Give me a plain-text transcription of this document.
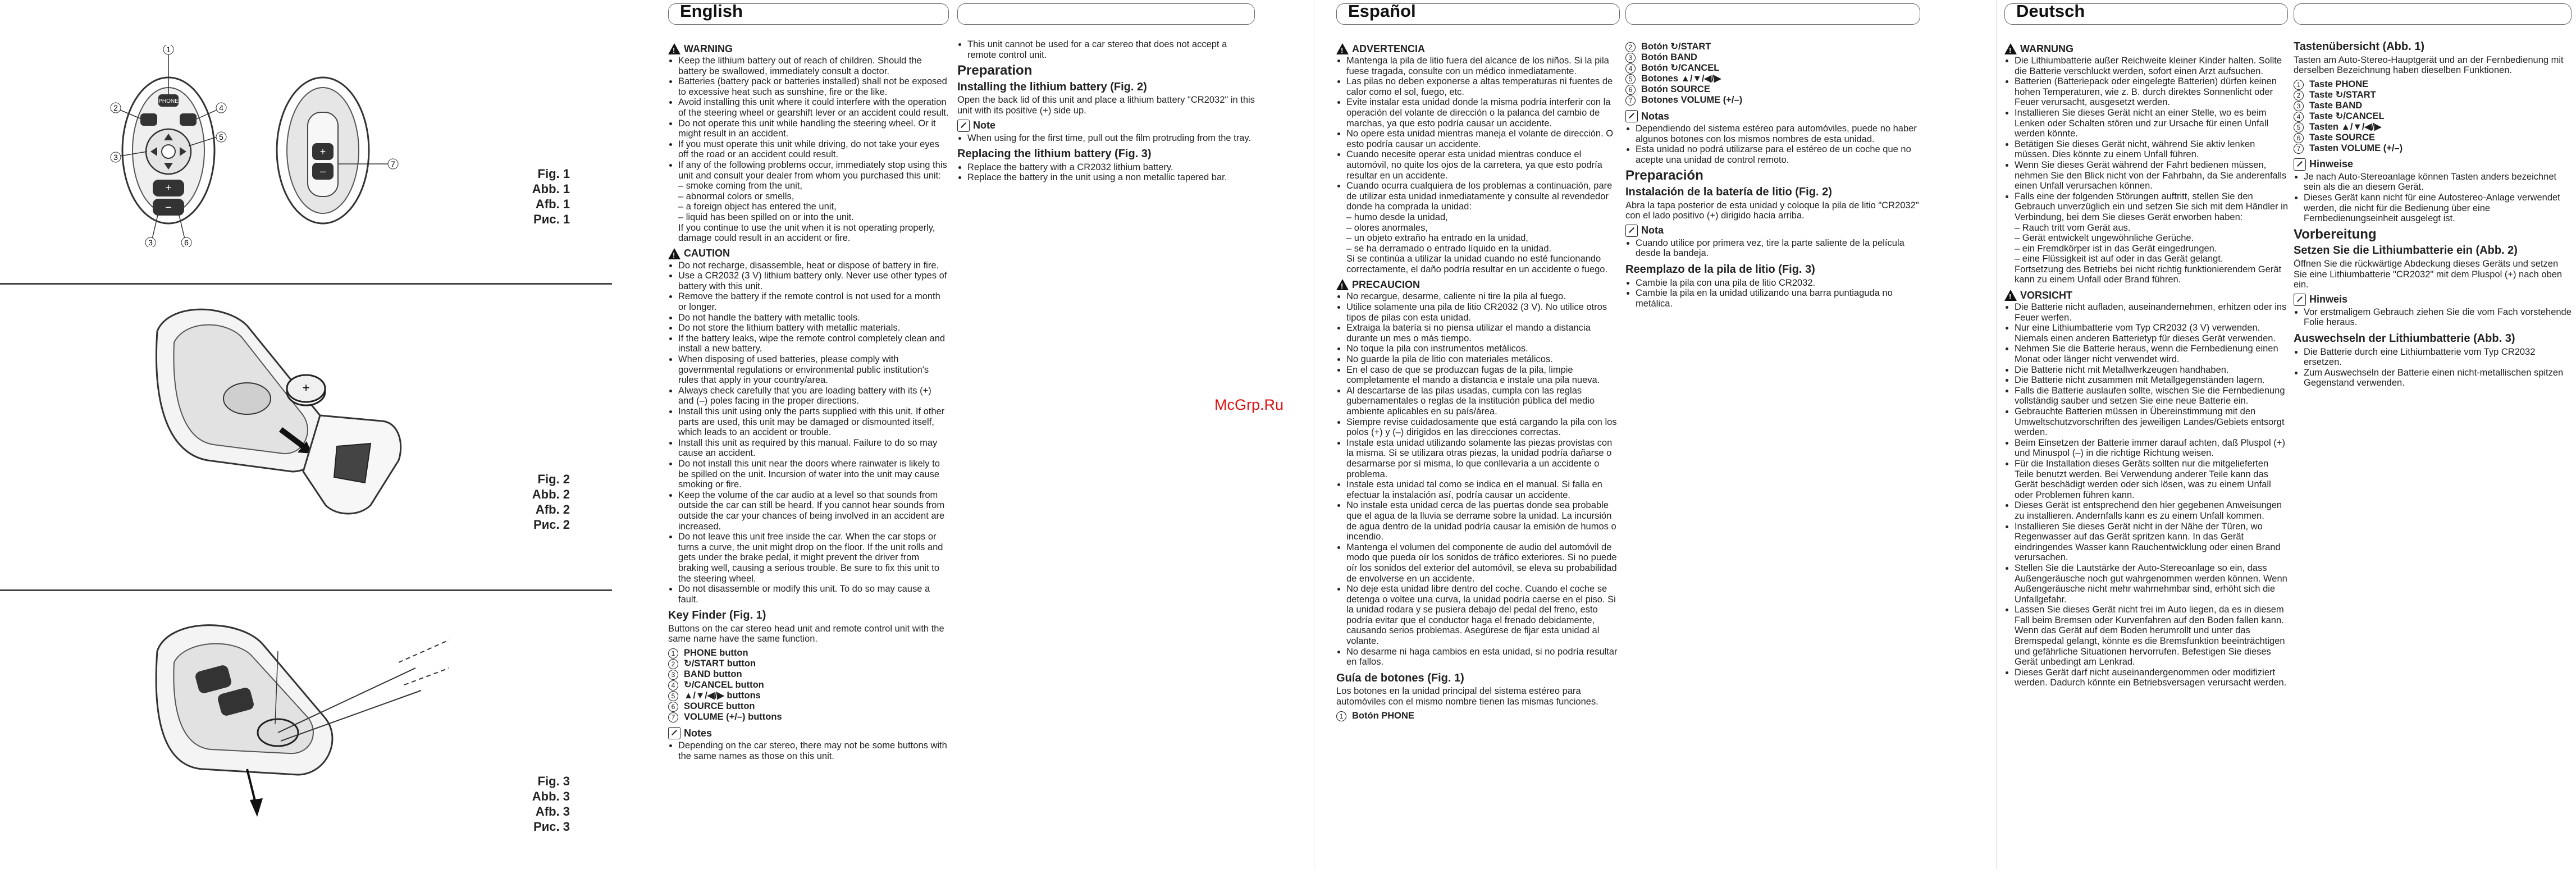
PHONE
+
–
1
2
3
4
5
3	6
+
–
7
Fig. 1
Abb. 1
Afb. 1
Рис. 1
+
Fig. 2
Abb. 2
Afb. 2
Рис. 2
Fig. 3
Abb. 3
Afb. 3
Рис. 3
English
!
WARNING
• Keep the lithium battery out of reach of children. Should the battery be swallowed, immediately consult a doctor.
• Batteries (battery pack or batteries installed) shall not be exposed to excessive heat such as sunshine, fire or the like.
• Avoid installing this unit where it could interfere with the operation of the steering wheel or gearshift lever or an accident could result.
• Do not operate this unit while handling the steering wheel. Or it might result in an accident.
• If you must operate this unit while driving, do not take your eyes off the road or an accident could result.
• If any of the following problems occur, immediately stop using this unit and consult your dealer from whom you purchased this unit:
– smoke coming from the unit,
– abnormal colors or smells,
– a foreign object has entered the unit,
– liquid has been spilled on or into the unit.
If you continue to use the unit when it is not operating properly, damage could result in an accident or fire.
!
CAUTION
• Do not recharge, disassemble, heat or dispose of battery in fire.
• Use a CR2032 (3 V) lithium battery only. Never use other types of battery with this unit.
• Remove the battery if the remote control is not used for a month or longer.
• Do not handle the battery with metallic tools.
• Do not store the lithium battery with metallic materials.
• If the battery leaks, wipe the remote control completely clean and install a new battery.
• When disposing of used batteries, please comply with governmental regulations or environmental public institution's rules that apply in your country/area.
• Always check carefully that you are loading battery with its (+) and (–) poles facing in the proper directions.
• Install this unit using only the parts supplied with this unit. If other parts are used, this unit may be damaged or dismounted itself, which leads to an accident or trouble.
• Install this unit as required by this manual. Failure to do so may cause an accident.
• Do not install this unit near the doors where rainwater is likely to be spilled on the unit. Incursion of water into the unit may cause smoking or fire.
• Keep the volume of the car audio at a level so that sounds from outside the car can still be heard. If you cannot hear sounds from outside the car your chances of being involved in an accident are increased.
• Do not leave this unit free inside the car. When the car stops or turns a curve, the unit might drop on the floor. If the unit rolls and gets under the brake pedal, it might prevent the driver from braking well, causing a serious trouble. Be sure to fix this unit to the steering wheel.
• Do not disassemble or modify this unit. To do so may cause a fault.
Key Finder (Fig. 1)
Buttons on the car stereo head unit and remote control unit with the same name have the same function.
1 PHONE button
2 ↻/START button
3 BAND button
4 ↻/CANCEL button
5 ▲/▼/◀/▶ buttons
6 SOURCE button
7 VOLUME (+/–) buttons
Notes
• Depending on the car stereo, there may not be some buttons with the same names as those on this unit.
• This unit cannot be used for a car stereo that does not accept a remote control unit.
Preparation
Installing the lithium battery (Fig. 2)
Open the back lid of this unit and place a lithium battery "CR2032" in this unit with its positive (+) side up.
Note
• When using for the first time, pull out the film protruding from the tray.
Replacing the lithium battery (Fig. 3)
• Replace the battery with a CR2032 lithium battery.
• Replace the battery in the unit using a non metallic tapered bar.
Español
!
ADVERTENCIA
• Mantenga la pila de litio fuera del alcance de los niños. Si la pila fuese tragada, consulte con un médico inmediatamente.
• Las pilas no deben exponerse a altas temperaturas ni fuentes de calor como el sol, fuego, etc.
• Evite instalar esta unidad donde la misma podría interferir con la operación del volante de dirección o la palanca del cambio de marchas, ya que esto podría causar un accidente.
• No opere esta unidad mientras maneja el volante de dirección. O esto podría causar un accidente.
• Cuando necesite operar esta unidad mientras conduce el automóvil, no quite los ojos de la carretera, ya que esto podría resultar en un accidente.
• Cuando ocurra cualquiera de los problemas a continuación, pare de utilizar esta unidad inmediatamente y consulte al revendedor donde ha comprada la unidad:
– humo desde la unidad,
– olores anormales,
– un objeto extraño ha entrado en la unidad,
– se ha derramado o entrado líquido en la unidad.
Si se continúa a utilizar la unidad cuando no esté funcionando correctamente, el daño podría resultar en un accidente o fuego.
!
PRECAUCION
• No recargue, desarme, caliente ni tire la pila al fuego.
• Utilice solamente una pila de litio CR2032 (3 V). No utilice otros tipos de pilas con esta unidad.
• Extraiga la batería si no piensa utilizar el mando a distancia durante un mes o más tiempo.
• No toque la pila con instrumentos metálicos.
• No guarde la pila de litio con materiales metálicos.
• En el caso de que se produzcan fugas de la pila, limpie completamente el mando a distancia e instale una pila nueva.
• Al descartarse de las pilas usadas, cumpla con las reglas gubernamentales o reglas de la institución pública del medio ambiente aplicables en su país/área.
• Siempre revise cuidadosamente que está cargando la pila con los polos (+) y (–) dirigidos en las direcciones correctas.
• Instale esta unidad utilizando solamente las piezas provistas con la misma. Si se utilizara otras piezas, la unidad podría dañarse o desarmarse por sí misma, lo que conllevaría a un accidente o problema.
• Instale esta unidad tal como se indica en el manual. Si falla en efectuar la instalación así, podría causar un accidente.
• No instale esta unidad cerca de las puertas donde sea probable que el agua de la lluvia se derrame sobre la unidad. La incursión de agua dentro de la unidad podría causar la emisión de humos o incendio.
• Mantenga el volumen del componente de audio del automóvil de modo que pueda oír los sonidos de tráfico exteriores. Si no puede oír los sonidos del exterior del automóvil, se eleva su probabilidad de envolverse en un accidente.
• No deje esta unidad libre dentro del coche. Cuando el coche se detenga o voltee una curva, la unidad podría caerse en el piso. Si la unidad rodara y se pusiera debajo del pedal del freno, esto podría evitar que el conductor haga el frenado debidamente, causando serios problemas. Asegúrese de fijar esta unidad al volante.
• No desarme ni haga cambios en esta unidad, si no podría resultar en fallos.
Guía de botones (Fig. 1)
Los botones en la unidad principal del sistema estéreo para automóviles con el mismo nombre tienen las mismas funciones.
1 Botón PHONE
2 Botón ↻/START
3 Botón BAND
4 Botón ↻/CANCEL
5 Botones ▲/▼/◀/▶
6 Botón SOURCE
7 Botones VOLUME (+/–)
Notas
• Dependiendo del sistema estéreo para automóviles, puede no haber algunos botones con los mismos nombres de esta unidad.
• Esta unidad no podrá utilizarse para el estéreo de un coche que no acepte una unidad de control remoto.
Preparación
Instalación de la batería de litio (Fig. 2)
Abra la tapa posterior de esta unidad y coloque la pila de litio "CR2032" con el lado positivo (+) dirigido hacia arriba.
Nota
• Cuando utilice por primera vez, tire la parte saliente de la película desde la bandeja.
Reemplazo de la pila de litio (Fig. 3)
• Cambie la pila con una pila de litio CR2032.
• Cambie la pila en la unidad utilizando una barra puntiaguda no metálica.
Deutsch
!
WARNUNG
• Die Lithiumbatterie außer Reichweite kleiner Kinder halten. Sollte die Batterie verschluckt werden, sofort einen Arzt aufsuchen.
• Batterien (Batteriepack oder eingelegte Batterien) dürfen keinen hohen Temperaturen, wie z. B. durch direktes Sonnenlicht oder Feuer verursacht, ausgesetzt werden.
• Installieren Sie dieses Gerät nicht an einer Stelle, wo es beim Lenken oder Schalten stören und zur Ursache für einen Unfall werden könnte.
• Betätigen Sie dieses Gerät nicht, während Sie aktiv lenken müssen. Dies könnte zu einem Unfall führen.
• Wenn Sie dieses Gerät während der Fahrt bedienen müssen, nehmen Sie den Blick nicht von der Fahrbahn, da Sie anderenfalls einen Unfall verursachen können.
• Falls eine der folgenden Störungen auftritt, stellen Sie den Gebrauch unverzüglich ein und setzen Sie sich mit dem Händler in Verbindung, bei dem Sie dieses Gerät erworben haben:
– Rauch tritt vom Gerät aus.
– Gerät entwickelt ungewöhnliche Gerüche.
– ein Fremdkörper ist in das Gerät eingedrungen.
– eine Flüssigkeit ist auf oder in das Gerät gelangt.
Fortsetzung des Betriebs bei nicht richtig funktionierendem Gerät kann zu einem Unfall oder Brand führen.
!
VORSICHT
• Die Batterie nicht aufladen, auseinandernehmen, erhitzen oder ins Feuer werfen.
• Nur eine Lithiumbatterie vom Typ CR2032 (3 V) verwenden. Niemals einen anderen Batterietyp für dieses Gerät verwenden.
• Nehmen Sie die Batterie heraus, wenn die Fernbedienung einen Monat oder länger nicht verwendet wird.
• Die Batterie nicht mit Metallwerkzeugen handhaben.
• Die Batterie nicht zusammen mit Metallgegenständen lagern.
• Falls die Batterie auslaufen sollte, wischen Sie die Fernbedienung vollständig sauber und setzen Sie eine neue Batterie ein.
• Gebrauchte Batterien müssen in Übereinstimmung mit den Umweltschutzvorschriften des jeweiligen Landes/Gebiets entsorgt werden.
• Beim Einsetzen der Batterie immer darauf achten, daß Pluspol (+) und Minuspol (–) in die richtige Richtung weisen.
• Für die Installation dieses Geräts sollten nur die mitgelieferten Teile benutzt werden. Bei Verwendung anderer Teile kann das Gerät beschädigt werden oder sich lösen, was zu einem Unfall oder Problemen führen kann.
• Dieses Gerät ist entsprechend den hier gegebenen Anweisungen zu installieren. Andernfalls kann es zu einem Unfall kommen.
• Installieren Sie dieses Gerät nicht in der Nähe der Türen, wo Regenwasser auf das Gerät spritzen kann. In das Gerät eindringendes Wasser kann Rauchentwicklung oder einen Brand verursachen.
• Stellen Sie die Lautstärke der Auto-Stereoanlage so ein, dass Außengeräusche noch gut wahrgenommen werden können. Wenn Außengeräusche nicht mehr wahrnehmbar sind, erhöht sich die Unfallgefahr.
• Lassen Sie dieses Gerät nicht frei im Auto liegen, da es in diesem Fall beim Bremsen oder Kurvenfahren auf den Boden fallen kann. Wenn das Gerät auf dem Boden herumrollt und unter das Bremspedal gelangt, könnte es die Bremsfunktion beeinträchtigen und gefährliche Situationen hervorrufen. Befestigen Sie dieses Gerät unbedingt am Lenkrad.
• Dieses Gerät darf nicht auseinandergenommen oder modifiziert werden. Dadurch könnte ein Betriebsversagen verursacht werden.
Tastenübersicht (Abb. 1)
Tasten am Auto-Stereo-Hauptgerät und an der Fernbedienung mit derselben Bezeichnung haben dieselben Funktionen.
1 Taste PHONE
2 Taste ↻/START
3 Taste BAND
4 Taste ↻/CANCEL
5 Tasten ▲/▼/◀/▶
6 Taste SOURCE
7 Tasten VOLUME (+/–)
Hinweise
• Je nach Auto-Stereoanlage können Tasten anders bezeichnet sein als die an diesem Gerät.
• Dieses Gerät kann nicht für eine Autostereo-Anlage verwendet werden, die nicht für die Bedienung über eine Fernbedienungseinheit ausgelegt ist.
Vorbereitung
Setzen Sie die Lithiumbatterie ein (Abb. 2)
Öffnen Sie die rückwärtige Abdeckung dieses Geräts und setzen Sie eine Lithiumbatterie "CR2032" mit dem Pluspol (+) nach oben ein.
Hinweis
• Vor erstmaligem Gebrauch ziehen Sie die vom Fach vorstehende Folie heraus.
Auswechseln der Lithiumbatterie (Abb. 3)
• Die Batterie durch eine Lithiumbatterie vom Typ CR2032 ersetzen.
• Zum Auswechseln der Batterie einen nicht-metallischen spitzen Gegenstand verwenden.
McGrp.Ru
